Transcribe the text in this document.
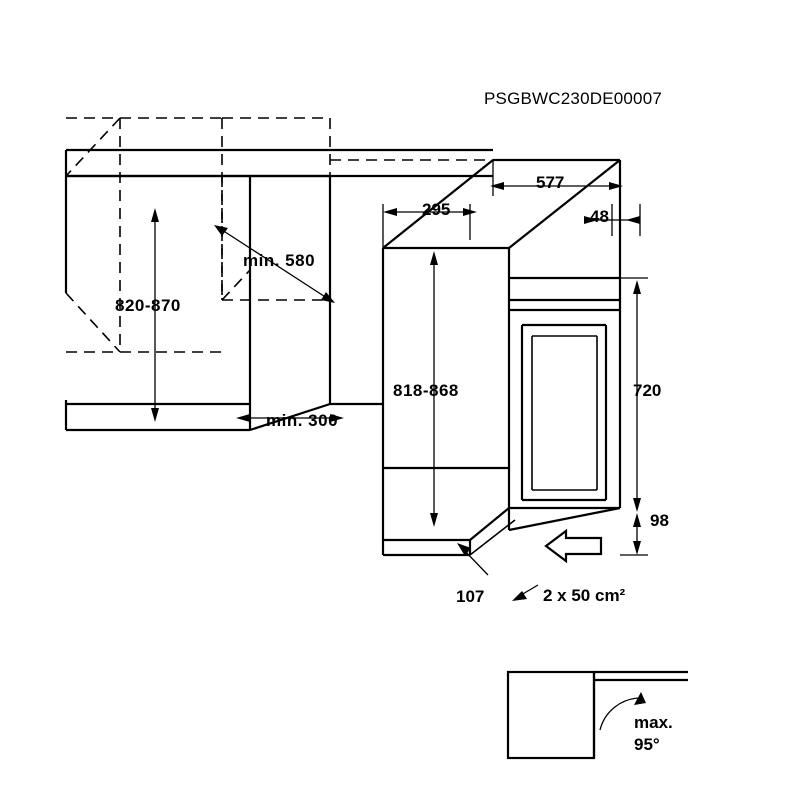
PSGBWC230DE00007
820-870
min. 580
min. 300
577
295	48
818-868	720
98
107	2 x 50 cm²
max.
95°
